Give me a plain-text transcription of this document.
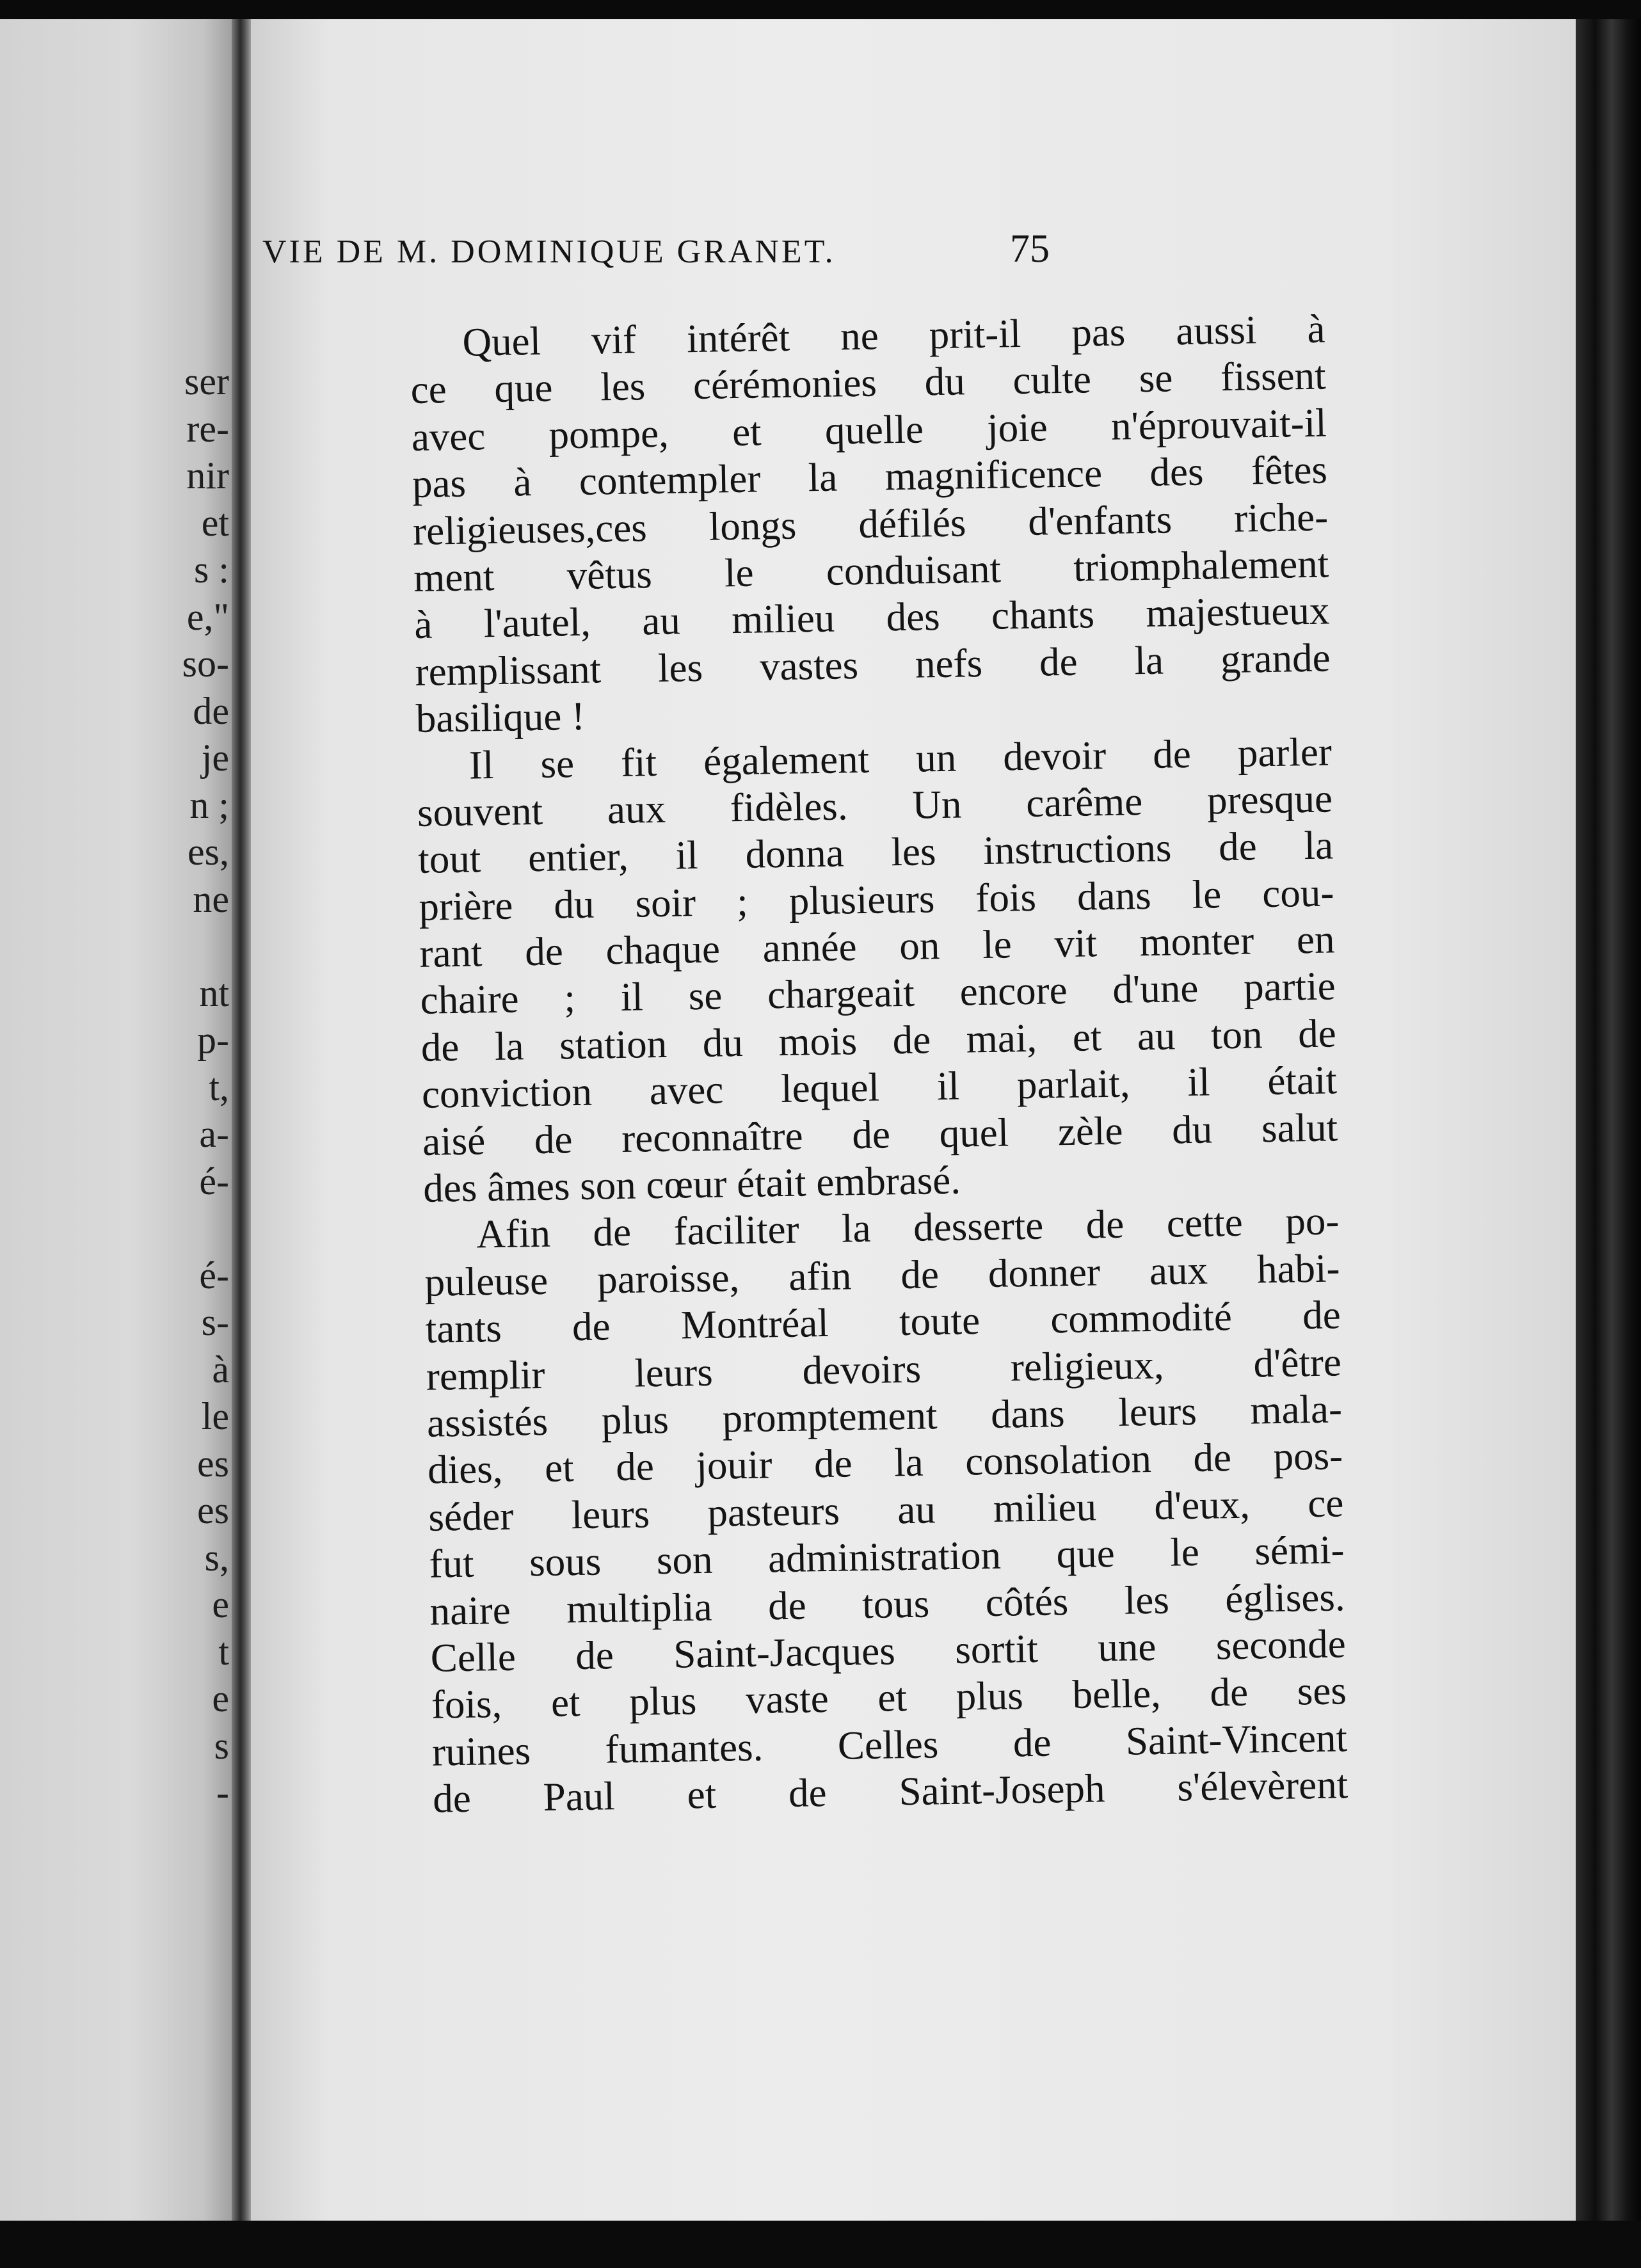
ser
re-
nir
et
s :
e,"
so-
de
je
n ;
es,
ne

nt
p-
t,
a-
é-

é-
s-
à
le
es
es
s,
e
t
e
s
-
VIE DE M. DOMINIQUE GRANET.	75
Quel vif intérêt ne prit-il pas aussi à
ce que les cérémonies du culte se fissent
avec pompe, et quelle joie n'éprouvait-il
pas à contempler la magnificence des fêtes
religieuses,ces longs défilés d'enfants riche-
ment vêtus le conduisant triomphalement
à l'autel, au milieu des chants majestueux
remplissant les vastes nefs de la grande
basilique !
Il se fit également un devoir de parler
souvent aux fidèles. Un carême presque
tout entier, il donna les instructions de la
prière du soir ; plusieurs fois dans le cou-
rant de chaque année on le vit monter en
chaire ; il se chargeait encore d'une partie
de la station du mois de mai, et au ton de
conviction avec lequel il parlait, il était
aisé de reconnaître de quel zèle du salut
des âmes son cœur était embrasé.
Afin de faciliter la desserte de cette po-
puleuse paroisse, afin de donner aux habi-
tants de Montréal toute commodité de
remplir leurs devoirs religieux, d'être
assistés plus promptement dans leurs mala-
dies, et de jouir de la consolation de pos-
séder leurs pasteurs au milieu d'eux, ce
fut sous son administration que le sémi-
naire multiplia de tous côtés les églises.
Celle de Saint-Jacques sortit une seconde
fois, et plus vaste et plus belle, de ses
ruines fumantes. Celles de Saint-Vincent
de Paul et de Saint-Joseph s'élevèrent
